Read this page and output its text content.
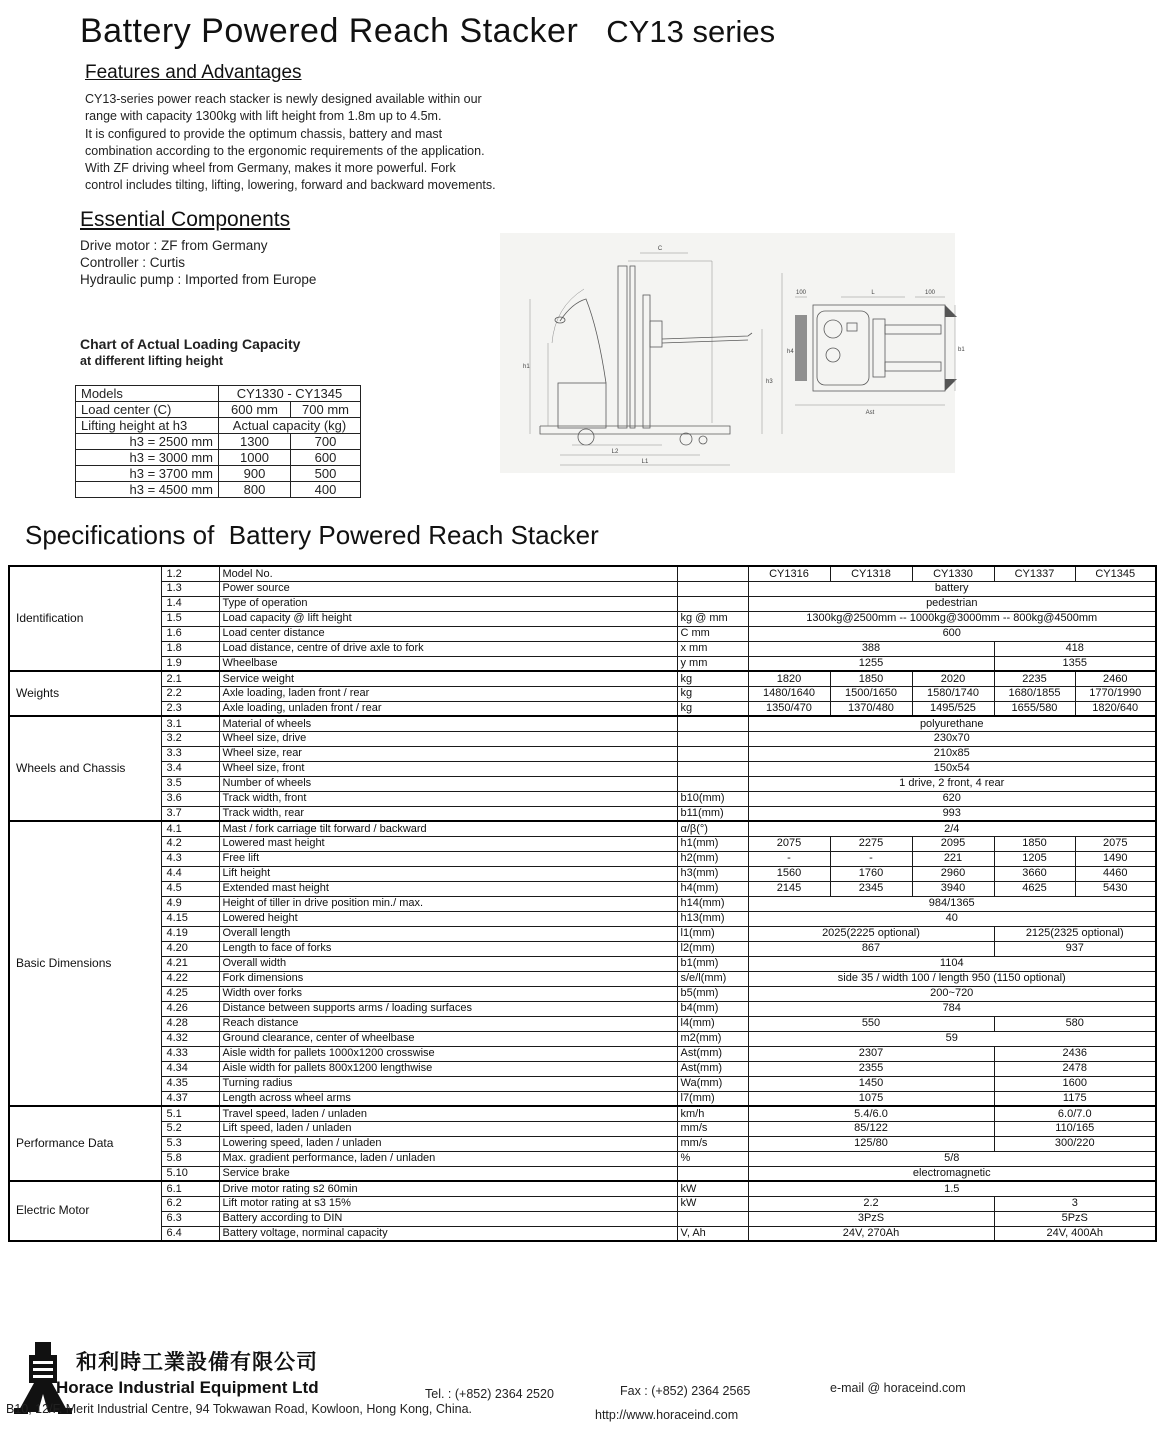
Battery Powered Reach Stacker CY13 series
Features and Advantages
CY13-series power reach stacker is newly designed available within our
range with capacity 1300kg with lift height from 1.8m up to 4.5m.
It is configured to provide the optimum chassis, battery and mast
combination according to the ergonomic requirements of the application.
With ZF driving wheel from Germany, makes it more powerful. Fork
control includes tilting, lifting, lowering, forward and backward movements.
Essential Components
Drive motor : ZF from Germany
Controller : Curtis
Hydraulic pump : Imported from Europe
Chart of Actual Loading Capacity
at different lifting height
Models	CY1330 - CY1345	
Load center (C)	600 mm	700 mm
Lifting height at h3	Actual capacity (kg)	
h3 = 2500 mm	1300	700
h3 = 3000 mm	1000	600
h3 = 3700 mm	900	500
h3 = 4500 mm	800	400
C
h4
h3
h1
L1
L2
100	L	100
Ast
b1
Specifications of  Battery Powered Reach Stacker
Identification	1.2	Model No.		CY1316	CY1318	CY1330	CY1337	CY1345
	1.3	Power source		battery				
	1.4	Type of operation		pedestrian				
	1.5	Load capacity @ lift height	kg @ mm	1300kg@2500mm -- 1000kg@3000mm -- 800kg@4500mm				
	1.6	Load center distance	C mm	600				
	1.8	Load distance, centre of drive axle to fork	x mm	388			418	
	1.9	Wheelbase	y mm	1255			1355	
Weights	2.1	Service weight	kg	1820	1850	2020	2235	2460
	2.2	Axle loading, laden front / rear	kg	1480/1640	1500/1650	1580/1740	1680/1855	1770/1990
	2.3	Axle loading, unladen front / rear	kg	1350/470	1370/480	1495/525	1655/580	1820/640
Wheels and Chassis	3.1	Material of wheels		polyurethane				
	3.2	Wheel size, drive		230x70				
	3.3	Wheel size, rear		210x85				
	3.4	Wheel size, front		150x54				
	3.5	Number of wheels		1 drive, 2 front, 4 rear				
	3.6	Track width, front	b10(mm)	620				
	3.7	Track width, rear	b11(mm)	993				
Basic Dimensions	4.1	Mast / fork carriage tilt forward / backward	α/β(°)	2/4				
	4.2	Lowered mast height	h1(mm)	2075	2275	2095	1850	2075
	4.3	Free lift	h2(mm)	-	-	221	1205	1490
	4.4	Lift height	h3(mm)	1560	1760	2960	3660	4460
	4.5	Extended mast height	h4(mm)	2145	2345	3940	4625	5430
	4.9	Height of tiller in drive position min./ max.	h14(mm)	984/1365				
	4.15	Lowered height	h13(mm)	40				
	4.19	Overall length	l1(mm)	2025(2225 optional)			2125(2325 optional)	
	4.20	Length to face of forks	l2(mm)	867			937	
	4.21	Overall width	b1(mm)	1104				
	4.22	Fork dimensions	s/e/l(mm)	side 35 / width 100 / length 950 (1150 optional)				
	4.25	Width over forks	b5(mm)	200~720				
	4.26	Distance between supports arms / loading surfaces	b4(mm)	784				
	4.28	Reach distance	l4(mm)	550			580	
	4.32	Ground clearance, center of wheelbase	m2(mm)	59				
	4.33	Aisle width for pallets 1000x1200 crosswise	Ast(mm)	2307			2436	
	4.34	Aisle width for pallets 800x1200 lengthwise	Ast(mm)	2355			2478	
	4.35	Turning radius	Wa(mm)	1450			1600	
	4.37	Length across wheel arms	l7(mm)	1075			1175	
Performance Data	5.1	Travel speed, laden / unladen	km/h	5.4/6.0			6.0/7.0	
	5.2	Lift speed, laden / unladen	mm/s	85/122			110/165	
	5.3	Lowering speed, laden / unladen	mm/s	125/80			300/220	
	5.8	Max. gradient performance, laden / unladen	%	5/8				
	5.10	Service brake		electromagnetic				
Electric Motor	6.1	Drive motor rating s2 60min	kW	1.5				
	6.2	Lift motor rating at s3 15%	kW	2.2			3	
	6.3	Battery according to DIN		3PzS			5PzS	
	6.4	Battery voltage, norminal capacity	V, Ah	24V, 270Ah			24V, 400Ah	
和利時工業設備有限公司
Horace Industrial Equipment Ltd	Tel. : (+852) 2364 2520	Fax : (+852) 2364 2565	e-mail @ horaceind.com
B10, 12/F. Merit Industrial Centre, 94 Tokwawan Road, Kowloon, Hong Kong, China.	http://www.horaceind.com
